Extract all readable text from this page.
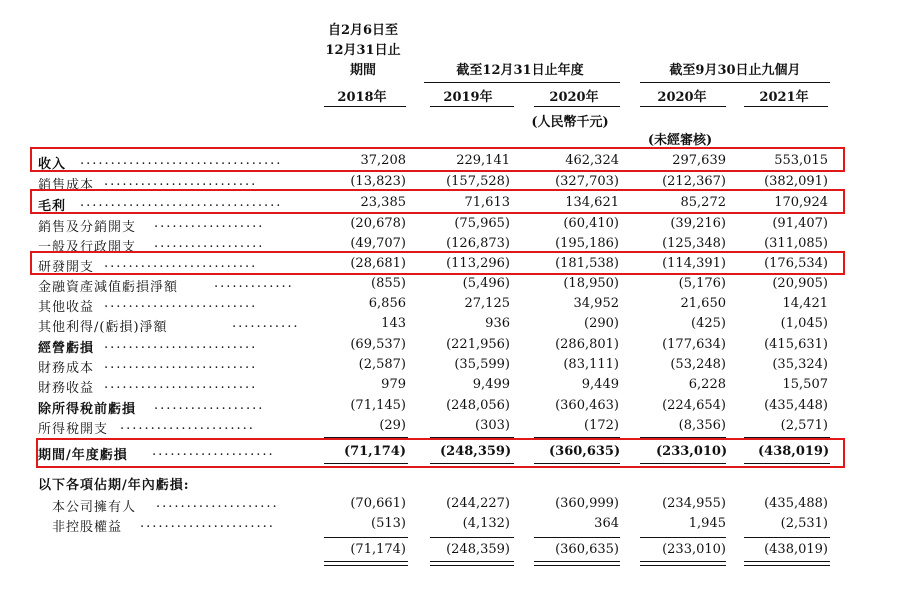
自2月6日至
12月31日止
期間	截至12月31日止年度	截至9月30日止九個月
2018年	2019年	2020年	2020年	2021年
(人民幣千元)
(未經審核)
收入 .................................	37,208	229,141	462,324	297,639	553,015
銷售成本 .........................	(13,823)	(157,528)	(327,703)	(212,367)	(382,091)
毛利 .................................	23,385	71,613	134,621	85,272	170,924
銷售及分銷開支 ..................	(20,678)	(75,965)	(60,410)	(39,216)	(91,407)
一般及行政開支 ..................	(49,707)	(126,873)	(195,186)	(125,348)	(311,085)
研發開支 .........................	(28,681)	(113,296)	(181,538)	(114,391)	(176,534)
金融資產減值虧損淨額	.............	(855)	(5,496)	(18,950)	(5,176)	(20,905)
其他收益 .........................	6,856	27,125	34,952	21,650	14,421
其他利得/(虧損)淨額	...........	143	936	(290)	(425)	(1,045)
經營虧損 .........................	(69,537)	(221,956)	(286,801)	(177,634)	(415,631)
財務成本 .........................	(2,587)	(35,599)	(83,111)	(53,248)	(35,324)
財務收益 .........................	979	9,499	9,449	6,228	15,507
除所得稅前虧損 ..................	(71,145)	(248,056)	(360,463)	(224,654)	(435,448)
所得稅開支 ......................	(29)	(303)	(172)	(8,356)	(2,571)
期間/年度虧損 ....................	(71,174)	(248,359)	(360,635)	(233,010) (438,019)
以下各項佔期/年內虧損:
本公司擁有人 ....................	(70,661)	(244,227)	(360,999)	(234,955)	(435,488)
非控股權益 ......................	(513)	(4,132)	364	1,945	(2,531)
(71,174)	(248,359)	(360,635)	(233,010)	(438,019)
